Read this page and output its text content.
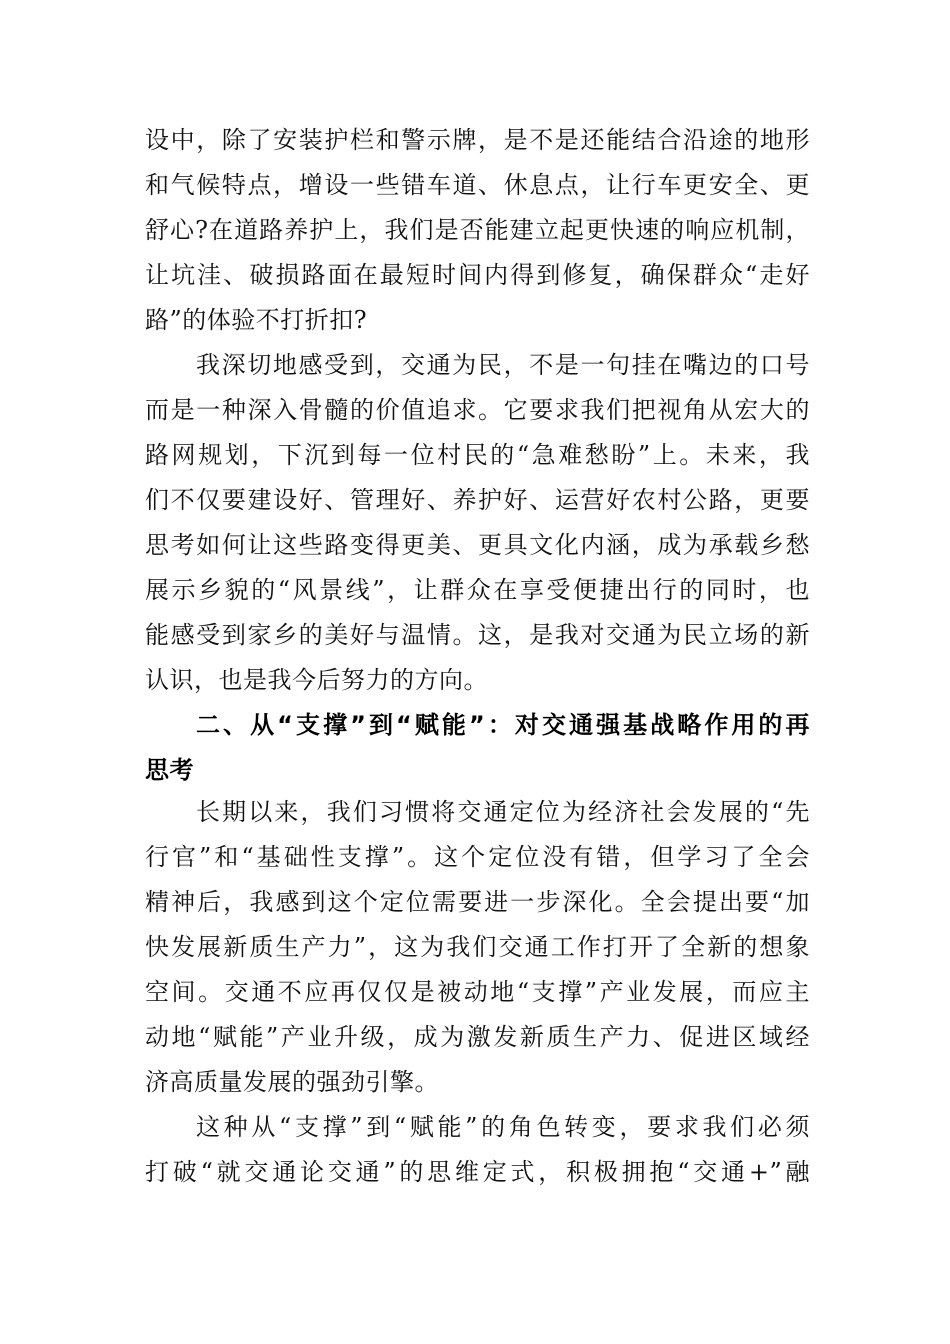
设中，除了安装护栏和警示牌，是不是还能结合沿途的地形
和气候特点，增设一些错车道、休息点，让行车更安全、更
舒心?在道路养护上，我们是否能建立起更快速的响应机制，
让坑洼、破损路面在最短时间内得到修复，确保群众“走好
路”的体验不打折扣?
我深切地感受到，交通为民，不是一句挂在嘴边的口号
而是一种深入骨髓的价值追求。它要求我们把视角从宏大的
路网规划，下沉到每一位村民的“急难愁盼”上。未来，我
们不仅要建设好、管理好、养护好、运营好农村公路，更要
思考如何让这些路变得更美、更具文化内涵，成为承载乡愁
展示乡貌的“风景线”，让群众在享受便捷出行的同时，也
能感受到家乡的美好与温情。这，是我对交通为民立场的新
认识，也是我今后努力的方向。
二、从“支撑”到“赋能”：对交通强基战略作用的再
思考
长期以来，我们习惯将交通定位为经济社会发展的“先
行官”和“基础性支撑”。这个定位没有错，但学习了全会
精神后，我感到这个定位需要进一步深化。全会提出要“加
快发展新质生产力”，这为我们交通工作打开了全新的想象
空间。交通不应再仅仅是被动地“支撑”产业发展，而应主
动地“赋能”产业升级，成为激发新质生产力、促进区域经
济高质量发展的强劲引擎。
这种从“支撑”到“赋能”的角色转变，要求我们必须
打破“就交通论交通”的思维定式，积极拥抱“交通+”融
